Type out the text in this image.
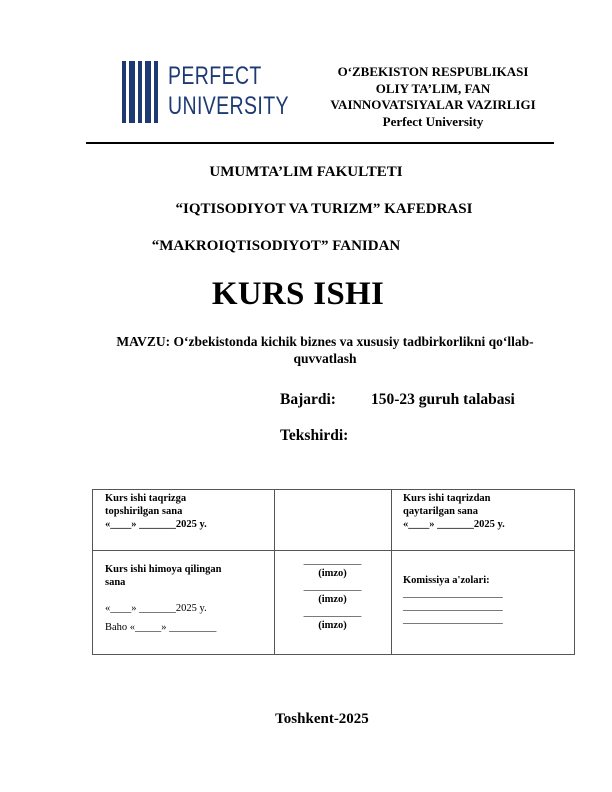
PERFECT
UNIVERSITY
O‘ZBEKISTON RESPUBLIKASI
OLIY TA’LIM, FAN
VAINNOVATSIYALAR VAZIRLIGI
Perfect University
UMUMTA’LIM FAKULTETI
“IQTISODIYOT VA TURIZM” KAFEDRASI
“MAKROIQTISODIYOT” FANIDAN
KURS ISHI
MAVZU: O‘zbekistonda kichik biznes va xususiy tadbirkorlikni qo‘llab-quvvatlash
Bajardi: 150-23 guruh talabasi
Tekshirdi:
Kurs ishi taqrizga
topshirilgan sana
«____» _______2025 y.
Kurs ishi taqrizdan
qaytarilgan sana
«____» _______2025 y.
Kurs ishi himoya qilingan
sana
«____» _______2025 y.
Baho «_____» _________
___________
(imzo)
___________
(imzo)
___________
(imzo)
Komissiya a'zolari:
___________________
___________________
___________________
Toshkent-2025
